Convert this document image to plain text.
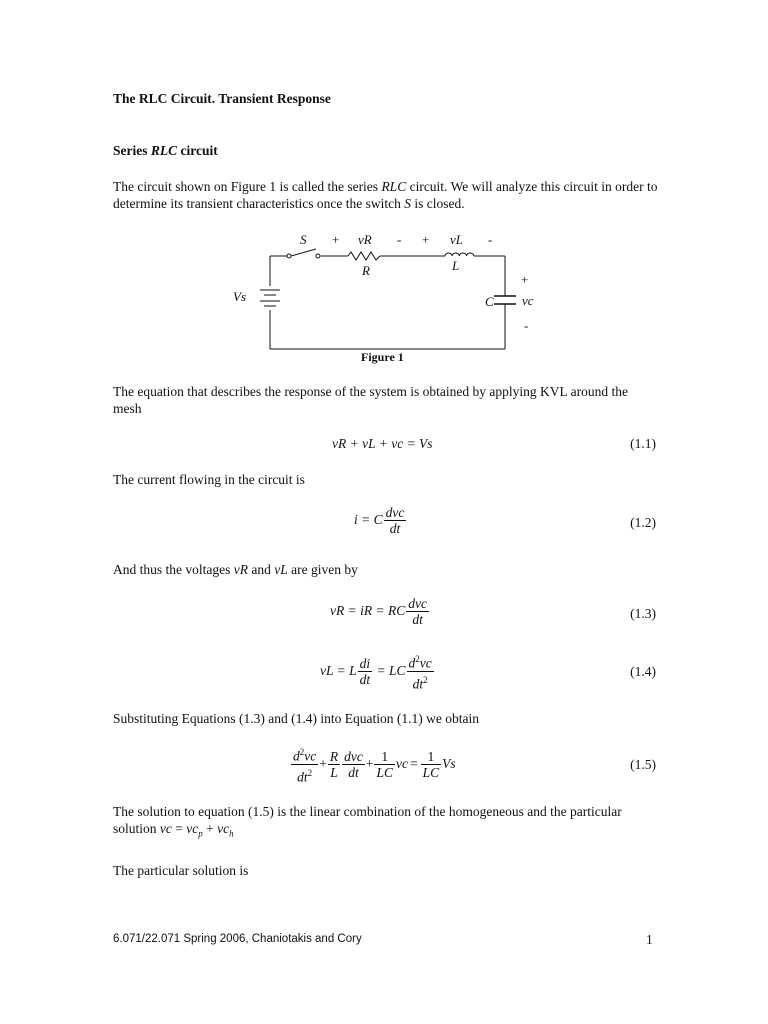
The RLC Circuit. Transient Response
Series RLC circuit
The circuit shown on Figure 1 is called the series RLC circuit. We will analyze this circuit in order to determine its transient characteristics once the switch S is closed.
S + vR - + vL -
R	L
Vs	C
+
vc
-
Figure 1
The equation that describes the response of the system is obtained by applying KVL around the mesh
vR + vL + vc = Vs	(1.1)
The current flowing in the circuit is
i = C $\frac{\text{dvc}}{dt}$	(1.2)
And thus the voltages vR and vL are given by
vR = iR = RC $\frac{\text{dvc}}{dt}$	(1.3)
vL = L $\frac{di}{dt}$ = LC $\frac{d^2vc}{dt^2}$	(1.4)
Substituting Equations (1.3) and (1.4) into Equation (1.1) we obtain
$\frac{d^2vc}{dt^2} + \frac{R}{L} \frac{\text{dvc}}{dt} + \frac{1}{LC}$ vc = $\frac{1}{LC}$ Vs	(1.5)
The solution to equation (1.5) is the linear combination of the homogeneous and the particular solution vc = $vc_p + vc_h$
The particular solution is
6.071/22.071 Spring 2006, Chaniotakis and Cory	1
